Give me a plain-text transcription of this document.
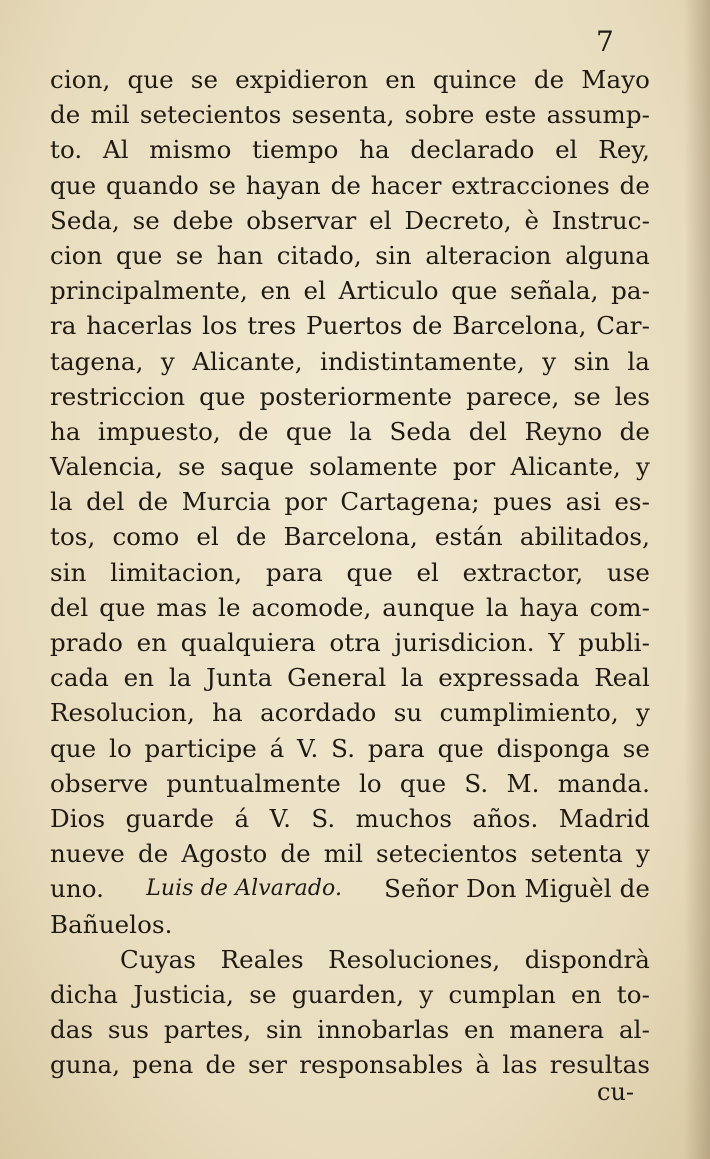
7
cion, que se expidieron en quince de Mayo
de mil setecientos sesenta, sobre este assump-
to. Al mismo tiempo ha declarado el Rey,
que quando se hayan de hacer extracciones de
Seda, se debe observar el Decreto, è Instruc-
cion que se han citado, sin alteracion alguna
principalmente, en el Articulo que señala, pa-
ra hacerlas los tres Puertos de Barcelona, Car-
tagena, y Alicante, indistintamente, y sin la
restriccion que posteriormente parece, se les
ha impuesto, de que la Seda del Reyno de
Valencia, se saque solamente por Alicante, y
la del de Murcia por Cartagena; pues asi es-
tos, como el de Barcelona, están abilitados,
sin limitacion, para que el extractor, use
del que mas le acomode, aunque la haya com-
prado en qualquiera otra jurisdicion. Y publi-
cada en la Junta General la expressada Real
Resolucion, ha acordado su cumplimiento, y
que lo participe á V. S. para que disponga se
observe puntualmente lo que S. M. manda.
Dios guarde á V. S. muchos años. Madrid
nueve de Agosto de mil setecientos setenta y
uno. Luis de Alvarado. Señor Don Miguèl de
Bañuelos.
Cuyas Reales Resoluciones, dispondrà
dicha Justicia, se guarden, y cumplan en to-
das sus partes, sin innobarlas en manera al-
guna, pena de ser responsables à las resultas
cu-
